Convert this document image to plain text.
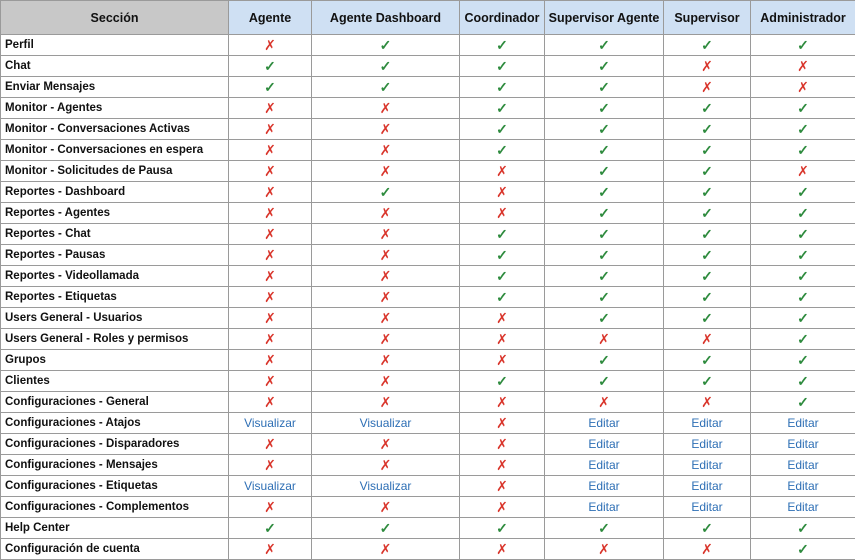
Sección	Agente	Agente Dashboard	Coordinador	Supervisor Agente	Supervisor	Administrador
Perfil	✗	✓	✓	✓	✓	✓
Chat	✓	✓	✓	✓	✗	✗
Enviar Mensajes	✓	✓	✓	✓	✗	✗
Monitor - Agentes	✗	✗	✓	✓	✓	✓
Monitor - Conversaciones Activas	✗	✗	✓	✓	✓	✓
Monitor - Conversaciones en espera	✗	✗	✓	✓	✓	✓
Monitor - Solicitudes de Pausa	✗	✗	✗	✓	✓	✗
Reportes - Dashboard	✗	✓	✗	✓	✓	✓
Reportes - Agentes	✗	✗	✗	✓	✓	✓
Reportes - Chat	✗	✗	✓	✓	✓	✓
Reportes - Pausas	✗	✗	✓	✓	✓	✓
Reportes - Videollamada	✗	✗	✓	✓	✓	✓
Reportes - Etiquetas	✗	✗	✓	✓	✓	✓
Users General - Usuarios	✗	✗	✗	✓	✓	✓
Users General - Roles y permisos	✗	✗	✗	✗	✗	✓
Grupos	✗	✗	✗	✓	✓	✓
Clientes	✗	✗	✓	✓	✓	✓
Configuraciones - General	✗	✗	✗	✗	✗	✓
Configuraciones - Atajos	Visualizar	Visualizar	✗	Editar	Editar	Editar
Configuraciones - Disparadores	✗	✗	✗	Editar	Editar	Editar
Configuraciones - Mensajes	✗	✗	✗	Editar	Editar	Editar
Configuraciones - Etiquetas	Visualizar	Visualizar	✗	Editar	Editar	Editar
Configuraciones - Complementos	✗	✗	✗	Editar	Editar	Editar
Help Center	✓	✓	✓	✓	✓	✓
Configuración de cuenta	✗	✗	✗	✗	✗	✓
